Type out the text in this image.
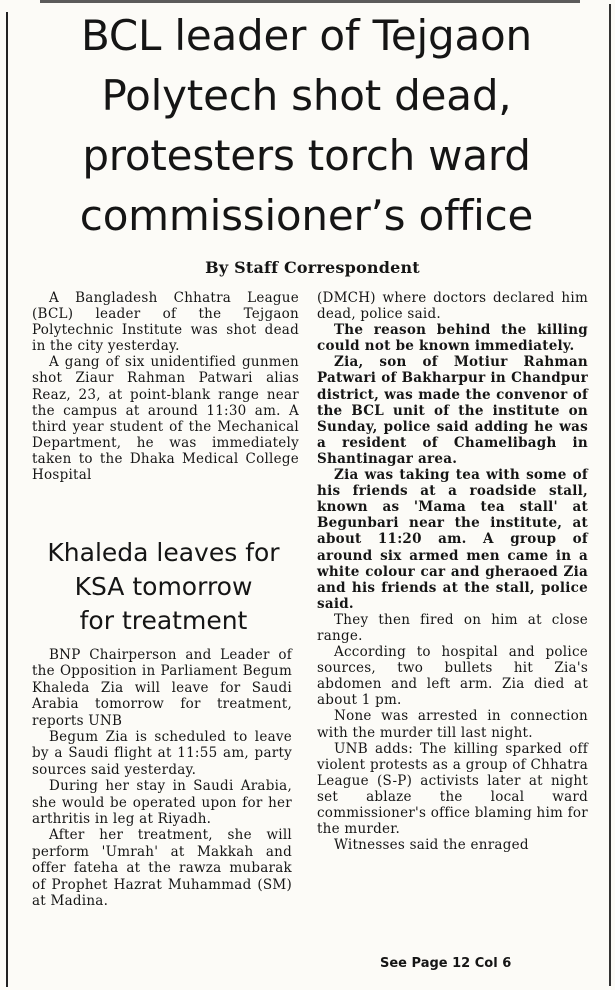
BCL leader of Tejgaon
Polytech shot dead,
protesters torch ward
commissioner’s office
By Staff Correspondent

A Bangladesh Chhatra League (BCL) leader of the Tejgaon Polytechnic Institute was shot dead in the city yesterday.

A gang of six unidentified gunmen shot Ziaur Rahman Patwari alias Reaz, 23, at point-blank range near the campus at around 11:30 am. A third year student of the Mechanical Department, he was immediately taken to the Dhaka Medical College Hospital

(DMCH) where doctors declared him dead, police said.

The reason behind the killing could not be known immediately.

Zia, son of Motiur Rahman Patwari of Bakharpur in Chandpur district, was made the convenor of the BCL unit of the institute on Sunday, police said adding he was a resident of Chamelibagh in Shantinagar area.

Zia was taking tea with some of his friends at a roadside stall, known as 'Mama tea stall' at Begunbari near the institute, at about 11:20 am. A group of around six armed men came in a white colour car and gheraoed Zia and his friends at the stall, police said.

They then fired on him at close range.

According to hospital and police sources, two bullets hit Zia's abdomen and left arm. Zia died at about 1 pm.

None was arrested in connection with the murder till last night.

UNB adds: The killing sparked off violent protests as a group of Chhatra League (S-P) activists later at night set ablaze the local ward commissioner's office blaming him for the murder.

Witnesses said the enraged

Khaleda leaves for
KSA tomorrow
for treatment

BNP Chairperson and Leader of the Opposition in Parliament Begum Khaleda Zia will leave for Saudi Arabia tomorrow for treatment, reports UNB

Begum Zia is scheduled to leave by a Saudi flight at 11:55 am, party sources said yesterday.

During her stay in Saudi Arabia, she would be operated upon for her arthritis in leg at Riyadh.

After her treatment, she will perform 'Umrah' at Makkah and offer fateha at the rawza mubarak of Prophet Hazrat Muhammad (SM) at Madina.

See Page 12 Col 6
